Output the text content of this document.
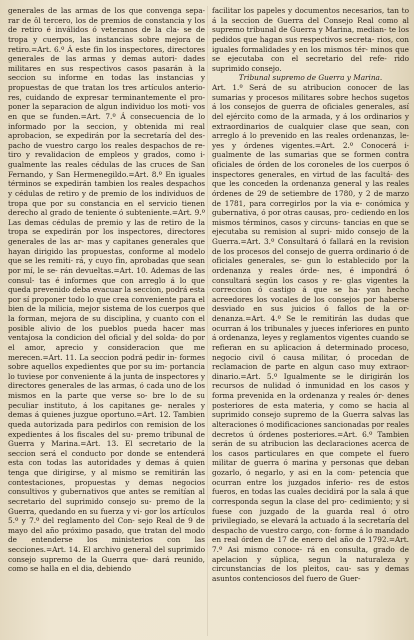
generales de las armas de los que convenga sepa- rar de ôl tercero, los de premios de constancia y los de retiro é inválidos ó veteranos de la cla- se de tropa y cuerpos, las instancias sobre mejora de retiro.=Art. 6.º Á este fin los inspectores, directores generales de las armas y demas autori- dades militares en sus respectivos casos pasarán à la seccion su informe en todas las instancias y propuestas de que tratan los tres artículos anterio- res, cuidando de expresar terminantemente el pro- poner la separacion de algun individuo los moti- vos en que se funden.=Art. 7.º Á consecuencia de lo informado por la seccion, y obtenida mi real aprobacion, se expedirán por la secretaría del des- pacho de vuestro cargo los reales despachos de re- tiro y revalidacion de empleos y grados, como i- gualmente las reales cédulas de las cruces de San Fernando, y San Hermenegildo.=Art. 8.º En iguales términos se expedirán tambien los reales despachos y cédulas de retiro y de premio de los individuos de tropa que por su constancia en el servicio tienen derecho al grado de teniente ó subteniente.=Art. 9.º Las demas cédulas de premio y las de retiro de la tropa se expedirán por los inspectores, directores generales de las ar- mas y capitanes generales que hayan dirigido las propuestas, conforme al modelo que se les remiti- rá, y cuyo fin, aprobadas que sean por mí, le se- rán devueltas.=Art. 10. Ademas de las consul- tas é informes que con arreglo á lo que queda prevenido deba evacuar la seccion, podrá esta por sí proponer todo lo que crea conveniente para el bien de la milicia, mejor sistema de los cuerpos que la forman, mejora de su disciplina, y cuanto con el posible alivio de los pueblos pueda hacer mas ventajosa la condicion del oficial y del solda- do por el amor, aprecio y consideracion que me merecen.=Art. 11. La seccion podrá pedir in- formes sobre aquellos expedientes que por su im- portancia lo tuviese por conveniente á la junta de inspectores y directores generales de las armas, ó cada uno de los mismos en la parte que verse so- bre lo de su peculiar instituto, á los capitanes ge- nerales y demas á quienes juzgue oportuno.=Art. 12. Tambien queda autorizada para pedirlos con remision de los expedientes á los fiscales del su- premo tribunal de Guerra y Marina.=Art. 13. El secretario de la seccion será el conducto por donde se entenderá esta con todas las autoridades y demas á quien tenga que dirigirse, y al mismo se remitirán las contestaciones, propuestas y demas negocios consultivos y gubernativos que antes se remitían al secretario del suprimido consejo su- premo de la Guerra, quedando en su fuerza y vi- gor los artículos 5.º y 7.º del reglamento del Con- sejo Real de 9 de mayo del año próximo pasado, que tratan del modo de entenderse los ministerios con las secciones.=Art. 14. El archivo general del suprimido consejo supremo de la Guerra que- dará reunido, como se halla en el dia, debiendo

facilitar los papeles y documentos necesarios, tan to á la seccion de Guerra del Consejo Real como al supremo tribunal de Guerra y Marina, median- te los pedidos que hagan sus respectivos secreta- rios, con iguales formalidades y en los mismos tér- minos que se ejecutaba con el secretario del refe- rido suprimido consejo.

Tribunal supremo de Guerra y Marina.

Art. 1.º Será de su atribucion conocer de las sumarias y procesos militares sobre hechos sugetos á los consejos de guerra de oficiales generales, así del ejército como de la armada, y á los ordinarios y extraordinarios de cualquier clase que sean, con arreglo á lo prevenido en las reales ordenanzas, le- yes y órdenes vigentes.=Art. 2.º Conocerá i- gualmente de las sumarias que se formen contra oficiales de órden de los coroneles de los cuerpos ó inspectores generales, en virtud de las facultá- des que les conceden la ordenanza general y las reales órdenes de 29 de setiembre de 1780, y 2 de marzo de 1781, para corregirlos por la via e- conómica y gubernativa, ó por otras causas, pro- cediendo en los mismos términos, casos y circuns- tancias en que se ejecutaba su remision al supri- mido consejo de la Guerra.=Art. 3.º Consultará ó fallará en la revision de los procesos del consejo de guerra ordinario ó de oficiales generales, se- gun lo establecido por la ordenanza y reales órde- nes, é impondrá ó consultará según los casos y re- glas vigentes la correccion ó castigo á que se ha- yan hecho acreedores los vocales de los consejos por haberse desviado en sus juicios ó fallos de la or- denanza.=Art. 4.º Se le remitirán las dudas que ocurran á los tribunales y jueces inferiores en punto á ordenanza, leyes y reglamentos vigentes cuando se refieran en su aplicacion á determinado proceso, negocio civil ó causa militar, ó procedan de reclamacion de parte en algun caso muy extraor- dinario.=Art. 5.º Igualmente se le dirigirán los recursos de nulidad ó inmunidad en los casos y forma prevenida en la ordenanza y reales ór- denes posteriores de esta materia, y como se hacia al suprimido consejo supremo de la Guerra salvas las alteraciones ó modificaciones sancionadas por reales decretos ú órdenes posteriores.=Art. 6.º Tambien serán de su atribucion las declaraciones acerca de los casos particulares en que compete el fuero militar de guerra ó marina y personas que deban gozarlo, ó negarlo, y asi en la com- petencia que ocurran entre los juzgados inferio- res de estos fueros, en todas las cuales decidirá por la sala á que corresponda segun la clase del pro- cedimiento; y si fuese con juzgado de la guarda real ó otro privilegiado, se elevará la actuado á la secretaría del despacho de vuestro cargo, con- forme á lo mandado en real órden de 17 de enero del año de 1792.=Art. 7.º Asi mismo conoce- rá en consulta, grado de apelacion y súplica, segun la naturaleza y circunstancias de los pleitos, cau- sas y demas asuntos contenciosos del fuero de Guer-
